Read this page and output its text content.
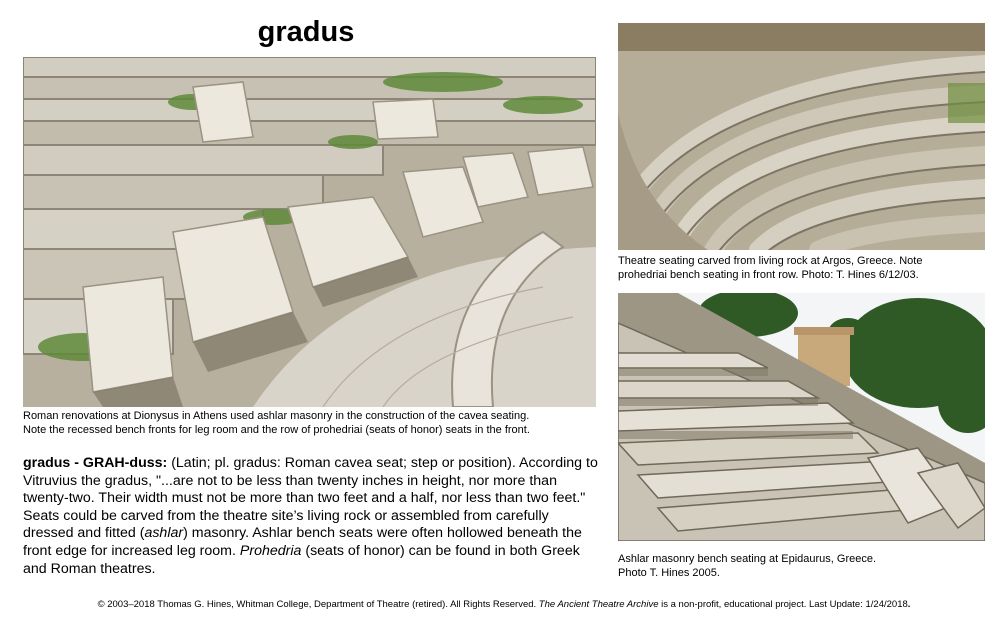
gradus
Roman renovations at Dionysus in Athens used ashlar masonry in the construction of the cavea seating.
Note the recessed bench fronts for leg room and the row of prohedriai (seats of honor) seats in the front.
Theatre seating carved from living rock at Argos, Greece. Note
prohedriai bench seating in front row. Photo: T. Hines 6/12/03.
Ashlar masonry bench seating at Epidaurus, Greece.
Photo T. Hines 2005.
gradus - GRAH-duss: (Latin; pl. gradus: Roman cavea seat; step or position). According to Vitruvius the gradus, "...are not to be less than twenty inches in height, nor more than twenty-two. Their width must not be more than two feet and a half, nor less than two feet." Seats could be carved from the theatre site’s living rock or assembled from carefully dressed and fitted (ashlar) masonry. Ashlar bench seats were often hollowed beneath the front edge for increased leg room. Prohedria (seats of honor) can be found in both Greek and Roman theatres.
© 2003–2018 Thomas G. Hines, Whitman College, Department of Theatre (retired). All Rights Reserved. The Ancient Theatre Archive is a non-profit, educational project. Last Update: 1/24/2018.
